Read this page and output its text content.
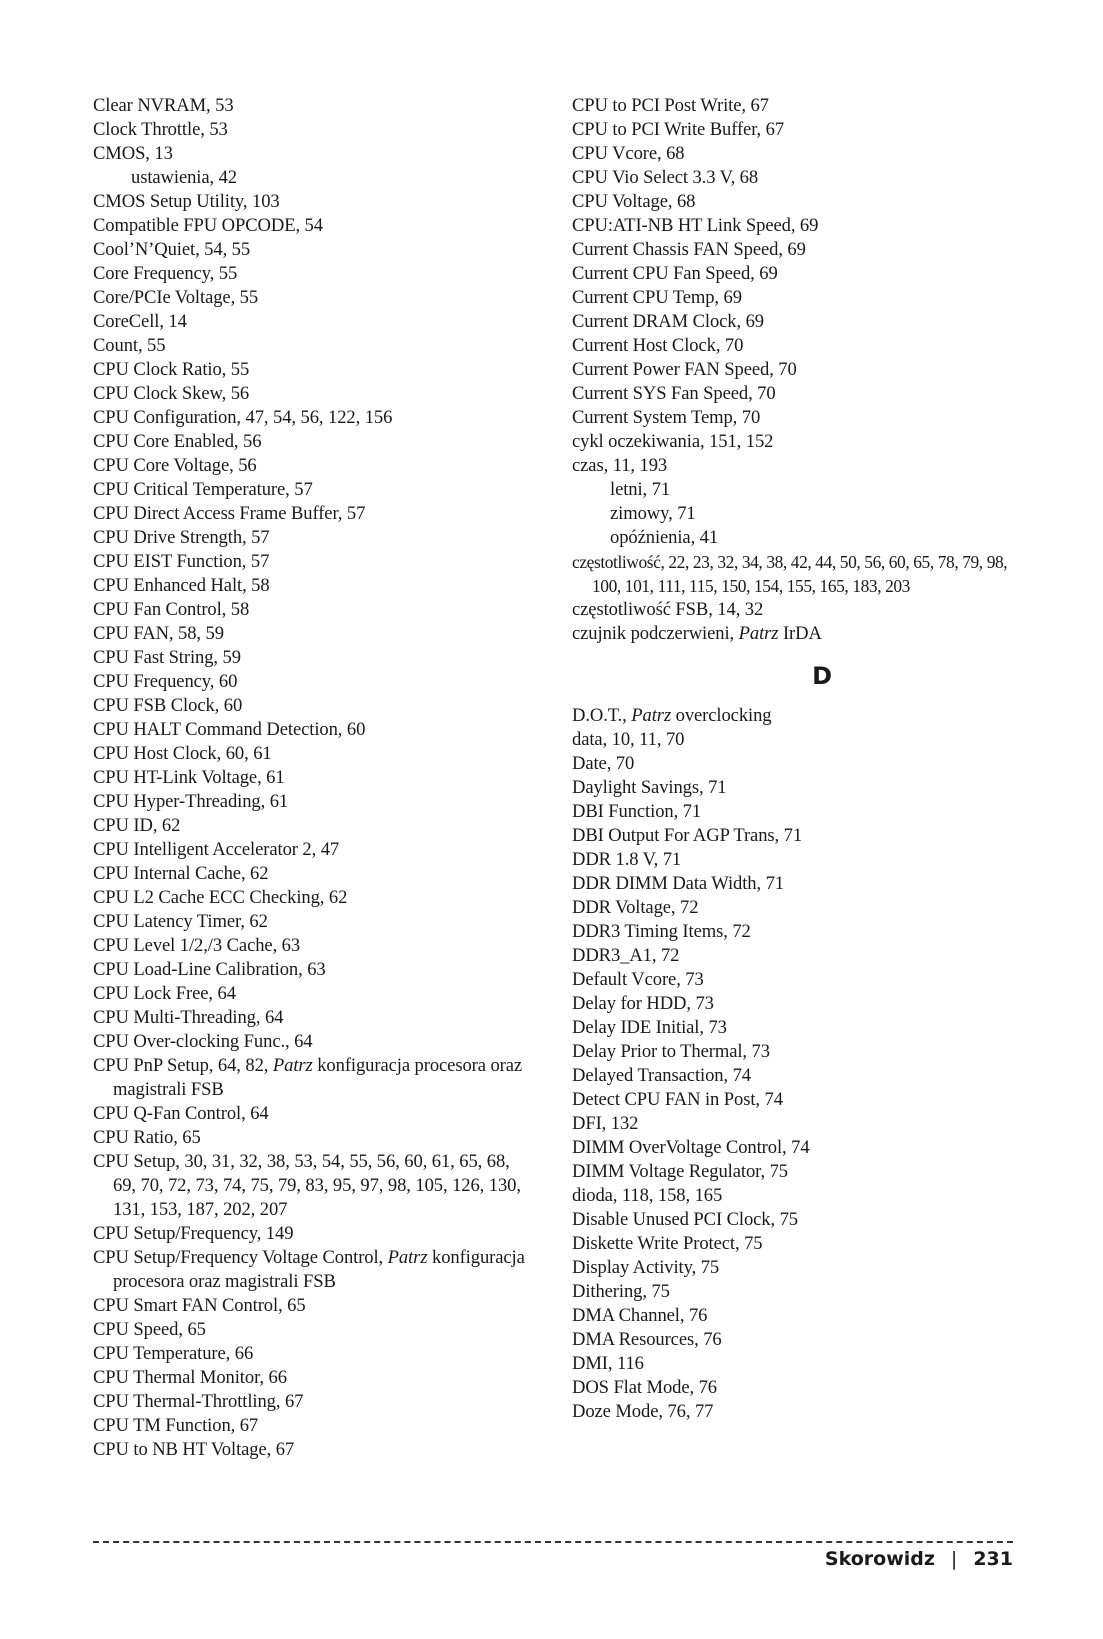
Clear NVRAM, 53
Clock Throttle, 53
CMOS, 13
ustawienia, 42
CMOS Setup Utility, 103
Compatible FPU OPCODE, 54
Cool’N’Quiet, 54, 55
Core Frequency, 55
Core/PCIe Voltage, 55
CoreCell, 14
Count, 55
CPU Clock Ratio, 55
CPU Clock Skew, 56
CPU Configuration, 47, 54, 56, 122, 156
CPU Core Enabled, 56
CPU Core Voltage, 56
CPU Critical Temperature, 57
CPU Direct Access Frame Buffer, 57
CPU Drive Strength, 57
CPU EIST Function, 57
CPU Enhanced Halt, 58
CPU Fan Control, 58
CPU FAN, 58, 59
CPU Fast String, 59
CPU Frequency, 60
CPU FSB Clock, 60
CPU HALT Command Detection, 60
CPU Host Clock, 60, 61
CPU HT-Link Voltage, 61
CPU Hyper-Threading, 61
CPU ID, 62
CPU Intelligent Accelerator 2, 47
CPU Internal Cache, 62
CPU L2 Cache ECC Checking, 62
CPU Latency Timer, 62
CPU Level 1/2,/3 Cache, 63
CPU Load-Line Calibration, 63
CPU Lock Free, 64
CPU Multi-Threading, 64
CPU Over-clocking Func., 64
CPU PnP Setup, 64, 82, Patrz konfiguracja procesora oraz magistrali FSB
CPU Q-Fan Control, 64
CPU Ratio, 65
CPU Setup, 30, 31, 32, 38, 53, 54, 55, 56, 60, 61, 65, 68, 69, 70, 72, 73, 74, 75, 79, 83, 95, 97, 98, 105, 126, 130, 131, 153, 187, 202, 207
CPU Setup/Frequency, 149
CPU Setup/Frequency Voltage Control, Patrz konfiguracja procesora oraz magistrali FSB
CPU Smart FAN Control, 65
CPU Speed, 65
CPU Temperature, 66
CPU Thermal Monitor, 66
CPU Thermal-Throttling, 67
CPU TM Function, 67
CPU to NB HT Voltage, 67
CPU to PCI Post Write, 67
CPU to PCI Write Buffer, 67
CPU Vcore, 68
CPU Vio Select 3.3 V, 68
CPU Voltage, 68
CPU:ATI-NB HT Link Speed, 69
Current Chassis FAN Speed, 69
Current CPU Fan Speed, 69
Current CPU Temp, 69
Current DRAM Clock, 69
Current Host Clock, 70
Current Power FAN Speed, 70
Current SYS Fan Speed, 70
Current System Temp, 70
cykl oczekiwania, 151, 152
czas, 11, 193
letni, 71
zimowy, 71
opóźnienia, 41
częstotliwość, 22, 23, 32, 34, 38, 42, 44, 50, 56, 60, 65, 78, 79, 98, 100, 101, 111, 115, 150, 154, 155, 165, 183, 203
częstotliwość FSB, 14, 32
czujnik podczerwieni, Patrz IrDA
D
D.O.T., Patrz overclocking
data, 10, 11, 70
Date, 70
Daylight Savings, 71
DBI Function, 71
DBI Output For AGP Trans, 71
DDR 1.8 V, 71
DDR DIMM Data Width, 71
DDR Voltage, 72
DDR3 Timing Items, 72
DDR3_A1, 72
Default Vcore, 73
Delay for HDD, 73
Delay IDE Initial, 73
Delay Prior to Thermal, 73
Delayed Transaction, 74
Detect CPU FAN in Post, 74
DFI, 132
DIMM OverVoltage Control, 74
DIMM Voltage Regulator, 75
dioda, 118, 158, 165
Disable Unused PCI Clock, 75
Diskette Write Protect, 75
Display Activity, 75
Dithering, 75
DMA Channel, 76
DMA Resources, 76
DMI, 116
DOS Flat Mode, 76
Doze Mode, 76, 77
Skorowidz | 231
